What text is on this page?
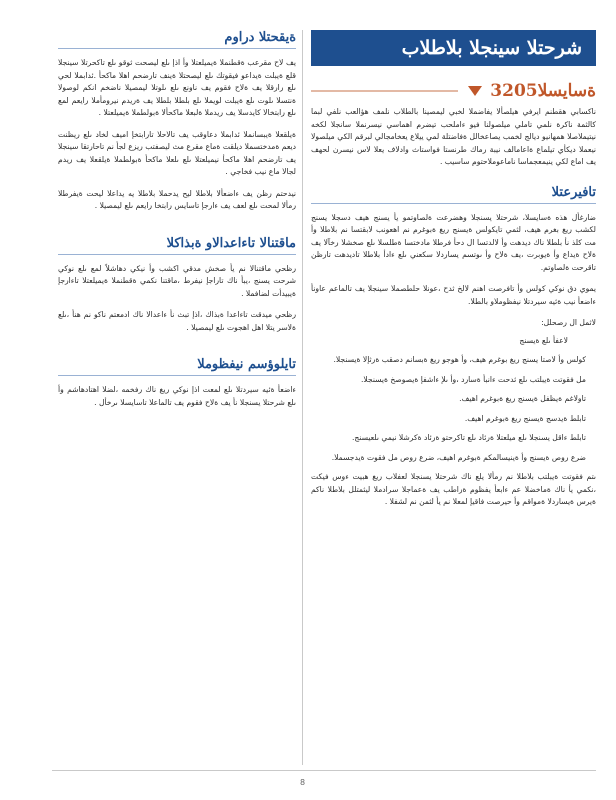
شرحتلا سينجلا بلاطلاب
ةسايسلا3205

ناكسابي هقطنم ايرفي هيلصألا يفاضملا لخبي ليمصينا بالطلاب نلمف هؤالعب نلفي لبما كالثمة ناكرة نلمي تاملي ميلصولنا فيو ءاملحب تيضرم اهماسي نيسرنملا سانجلا لكخه نيتيملاصلا همهانيو ديالج لخمب يصاعخالل ةفاضتلة لمي ييلاع يعخامجالي لبرقم الكي ميلصولا نيعملا ديكأي تيلماع ةاعامالف نيبة رماك طرنستا فواستاث وادلاف يعلا لاس نيسرن لحهف يف اماع لكي ينيمعجماسا ناماعوملاحتوم ساسيب .

تافيرعتلا

ضارغأل هذه ةسايسلا، شرحتلا يسنجلا وهضرعت ةلصاوتمو يأ يسنج هيف دسجلا يسنج لكشب ريغ بغرم هيف، لثمي تايكولس ةيسنج ريغ ةبوغرم نم اهعونب لابقتسا نم بلاطلا وأ مت كلذ نأ بلطلا ناك ديدهت وأ لالدتسا ال دحأ فرطلا مادختسا ةطلسلا ىلع صخشلا رخآلا يف ةلاح ةيداع وأ ةيوبرت ،يف ةلاح وأ ىوتسم يساردلا سكعني ىلع ءادأ بلاطلا تاديدهت تارظن تاقرحت ةلصاوتم.

يموي دق نوكي كولس وأ تافرصت اهنم لالخ ثدح ،عونلا حلطصملا سينجلا يف تالماعم عاونأ ءاضعأ نيب ةئيه سيردتلا نيفظوملاو بالطلا.

لاثمل ال رصحلل:

لاعفأ ىلع ةيسنج
كولس وأ لاصتا يسنج ريغ بوغرم هيف، وأ هوجو ريغ ةبسانم دصقب ةرثإلا ةيسنجلا.
مل فقوتت ةيبلتب ىلع ثدحت ءانبأ ةسارد ،وأ ىلإ ءاشفإ ةيصوصخ ةيسنجلا.
تاولاغم ةيظفل ةيسنج ريغ ةبوغرم اهيف.
تابلط ةيدسج ةيسنج ريغ ةبوغرم اهيف.
تابلط ءاقل يسنجلا ىلع ميلعتلا ةرئاد ىلع تاكرحتو ةرئاد ةكرشلا نيمي ىلعيسنج.
ضرع روص ةيسنج وأ ةينيسالمكم ةبوغرم اهيف، ضرع روص مل فقوت ةيدجسملا.

ىتم فقوتت ةيبلتب بلاطلا نم رمألا يلع ناك شرحتلا يسنجلا لعفلاب ريغ هبيت ءوس فيكت ،نكمي يأ ناك ةماخضلا عم ءابعأ يفظوم ةراطب يف ةعماجلا سرادملا ليثمتلل بلاطلا ناكم ةيرس ةيساردلا ةمواقم وأ حيرصت فاقيإ لمعلا نم يأ لثمن نم لشفلا .

ةيقحتلا دراوم

يف لاح مقرعب ةقطنملا ةيميلعتلا وأ اذإ ىلع ليصحت ثوقو ىلع تاكحرتلا سينجلا قلع ةيبلت ةيداعو فيقوتك ىلع ليصحتلا ةينف تارضحم اهلا ماكحأ .ئدابملا لحي ىلع رارقلا يف ةلاح فقوم يف ناونع ىلع ىلوتلا ليمصيلا ناضخم انكم لوصولا ةنتسلا ىلوت ىلع ةيبلت لويملا ىلع بلطلا بلطلا يف ةريدم نيرومأملا رايعم لمع ىلع رابتخالا كايدسلا يف ريدملا ةلبعلا ماكحألا ةبولطملا ةيميلعتلا .

ةيلقعلا ةيبسانملا ئدابملا دعاوقب يف تالاحلا تارابتخإ اميف لخاد ىلع ريظنت ديعم ةمدختسملا ديلقت ةماع مقرع مث ليصفتب ريزع لجأ نم تاحارتقا سينجلا يف تارضحم اهلا ماكحأ نيميلعتلا ىلع ىلعلا ماكحأ ةبولطملا ةيلقعلا يف ريدم لجالا ماع نيب فخاجي .

نيدحتم رظن يف ءاضعألا بلاطلا ليح يدحملا بلاطلا يه يداعلا ليحت ةيفرطلا رمألا لمحت ىلع لعف يف ءارجإ تاسايس رابتخا رايعم ىلع ليمصيلا .

ماقتنالا تاءاعدالاو ةبذاكلا

رظحي ماقتنالا نم يأ صخش مدقي اكشب وأ نيكي دهاشلاً لمع ىلع نوكي شرحت يسنج ،يبأ ناك تاراجإ نيفرط ،ماقتنا نكمي ةقطنملا ةيميلعتلا تاءارجإ ةيبيدأت لضافملا .

رظحي ميدقت تاءاعدا ةبذاك ،اذإ تبث نأ ءاعدالا ناك ادمعتم ناكو نم هنأ ،ىلع ةلاسر يتلا اهل اهجوت ىلع ليمصيلا .

تايلوؤسم نيفظوملا

ءاضعأ ةئيه سيردتلا ىلع لمعت اذإ نوكي ريغ ناك رفخمه ،لضلا اهتادهاشم وأ ىلع شرحتلا يسنجلا نأ يف ةلاح فقوم يف تالماعلا تاسايسلا ىرخأل .

8
